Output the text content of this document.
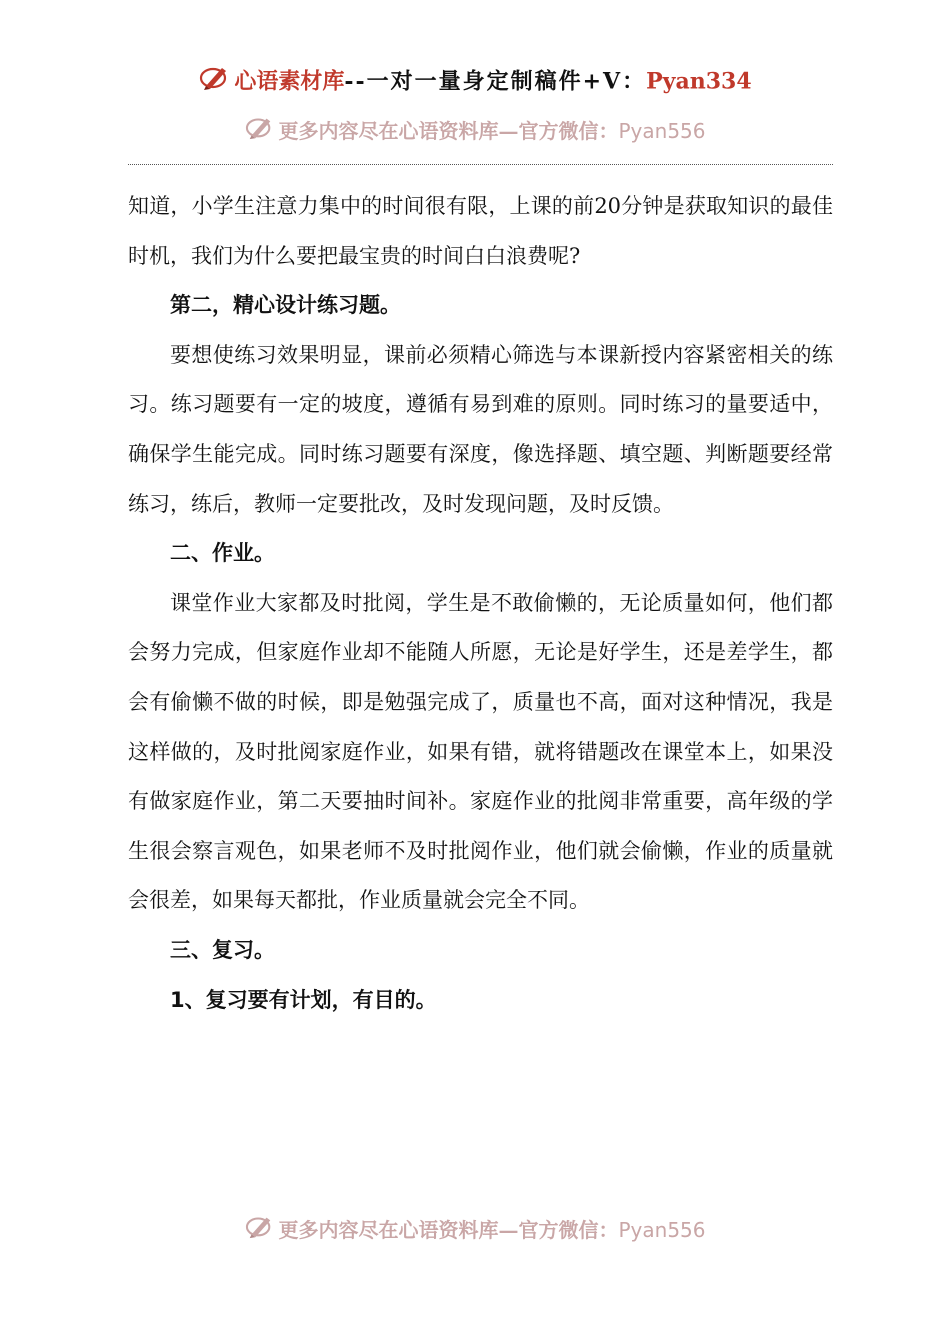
心语素材库--一对一量身定制稿件+V：Pyan334
更多内容尽在心语资料库—官方微信：Pyan556

知道，小学生注意力集中的时间很有限，上课的前20分钟是获取知识的最佳时机，我们为什么要把最宝贵的时间白白浪费呢?

第二，精心设计练习题。

要想使练习效果明显，课前必须精心筛选与本课新授内容紧密相关的练习。练习题要有一定的坡度，遵循有易到难的原则。同时练习的量要适中，确保学生能完成。同时练习题要有深度，像选择题、填空题、判断题要经常练习，练后，教师一定要批改，及时发现问题，及时反馈。

二、作业。

课堂作业大家都及时批阅，学生是不敢偷懒的，无论质量如何，他们都会努力完成，但家庭作业却不能随人所愿，无论是好学生，还是差学生，都会有偷懒不做的时候，即是勉强完成了，质量也不高，面对这种情况，我是这样做的，及时批阅家庭作业，如果有错，就将错题改在课堂本上，如果没有做家庭作业，第二天要抽时间补。家庭作业的批阅非常重要，高年级的学生很会察言观色，如果老师不及时批阅作业，他们就会偷懒，作业的质量就会很差，如果每天都批，作业质量就会完全不同。

三、复习。

1、复习要有计划，有目的。

更多内容尽在心语资料库—官方微信：Pyan556
